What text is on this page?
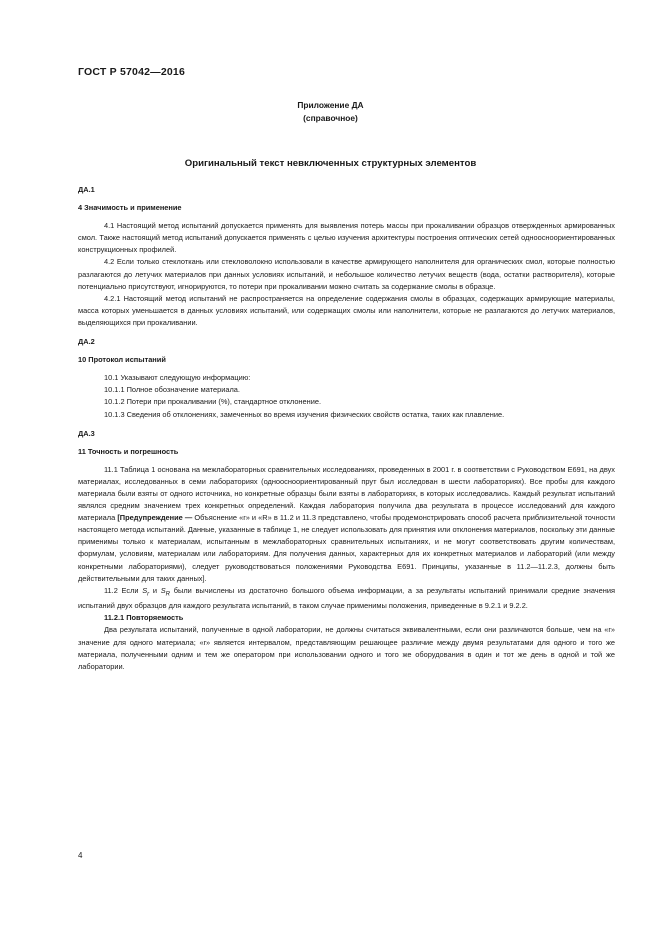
ГОСТ Р 57042—2016
Приложение ДА
(справочное)
Оригинальный текст невключенных структурных элементов

ДА.1

4 Значимость и применение

4.1 Настоящий метод испытаний допускается применять для выявления потерь массы при прокаливании образцов отвержденных армированных смол. Также настоящий метод испытаний допускается применять с целью изучения архитектуры построения оптических сетей одноосноориентированных конструкционных профилей.

4.2 Если только стеклоткань или стекловолокно использовали в качестве армирующего наполнителя для органических смол, которые полностью разлагаются до летучих материалов при данных условиях испытаний, и небольшое количество летучих веществ (вода, остатки растворителя), которые потенциально присутствуют, игнорируются, то потери при прокаливании можно считать за содержание смолы в образце.

4.2.1 Настоящий метод испытаний не распространяется на определение содержания смолы в образцах, содержащих армирующие материалы, масса которых уменьшается в данных условиях испытаний, или содержащих смолы или наполнители, которые не разлагаются до летучих материалов, выделяющихся при прокаливании.

ДА.2

10 Протокол испытаний

10.1 Указывают следующую информацию:

10.1.1 Полное обозначение материала.

10.1.2 Потери при прокаливании (%), стандартное отклонение.

10.1.3 Сведения об отклонениях, замеченных во время изучения физических свойств остатка, таких как плавление.

ДА.3

11 Точность и погрешность

11.1 Таблица 1 основана на межлабораторных сравнительных исследованиях, проведенных в 2001 г. в соответствии с Руководством Е691, на двух материалах, исследованных в семи лабораториях (одноосноориентированный прут был исследован в шести лабораториях). Все пробы для каждого материала были взяты от одного источника, но конкретные образцы были взяты в лабораториях, в которых исследовались. Каждый результат испытаний являлся средним значением трех конкретных определений. Каждая лаборатория получила два результата в процессе исследований для каждого материала [Предупреждение — Объяснение «r» и «R» в 11.2 и 11.3 представлено, чтобы продемонстрировать способ расчета приблизительной точности настоящего метода испытаний. Данные, указанные в таблице 1, не следует использовать для принятия или отклонения материалов, поскольку эти данные применимы только к материалам, испытанным в межлабораторных сравнительных испытаниях, и не могут соответствовать другим количествам, формулам, условиям, материалам или лабораториям. Для получения данных, характерных для их конкретных материалов и лабораторий (или между конкретными лабораториями), следует руководствоваться положениями Руководства Е691. Принципы, указанные в 11.2—11.2.3, должны быть действительными для таких данных].

11.2 Если $S_r$ и $S_R$ были вычислены из достаточно большого объема информации, а за результаты испытаний принимали средние значения испытаний двух образцов для каждого результата испытаний, в таком случае применимы положения, приведенные в 9.2.1 и 9.2.2.

11.2.1 Повторяемость

Два результата испытаний, полученные в одной лаборатории, не должны считаться эквивалентными, если они различаются больше, чем на «r» значение для одного материала; «r» является интервалом, представляющим решающее различие между двумя результатами для одного и того же материала, полученными одним и тем же оператором при использовании одного и того же оборудования в один и тот же день в одной и той же лаборатории.

4
